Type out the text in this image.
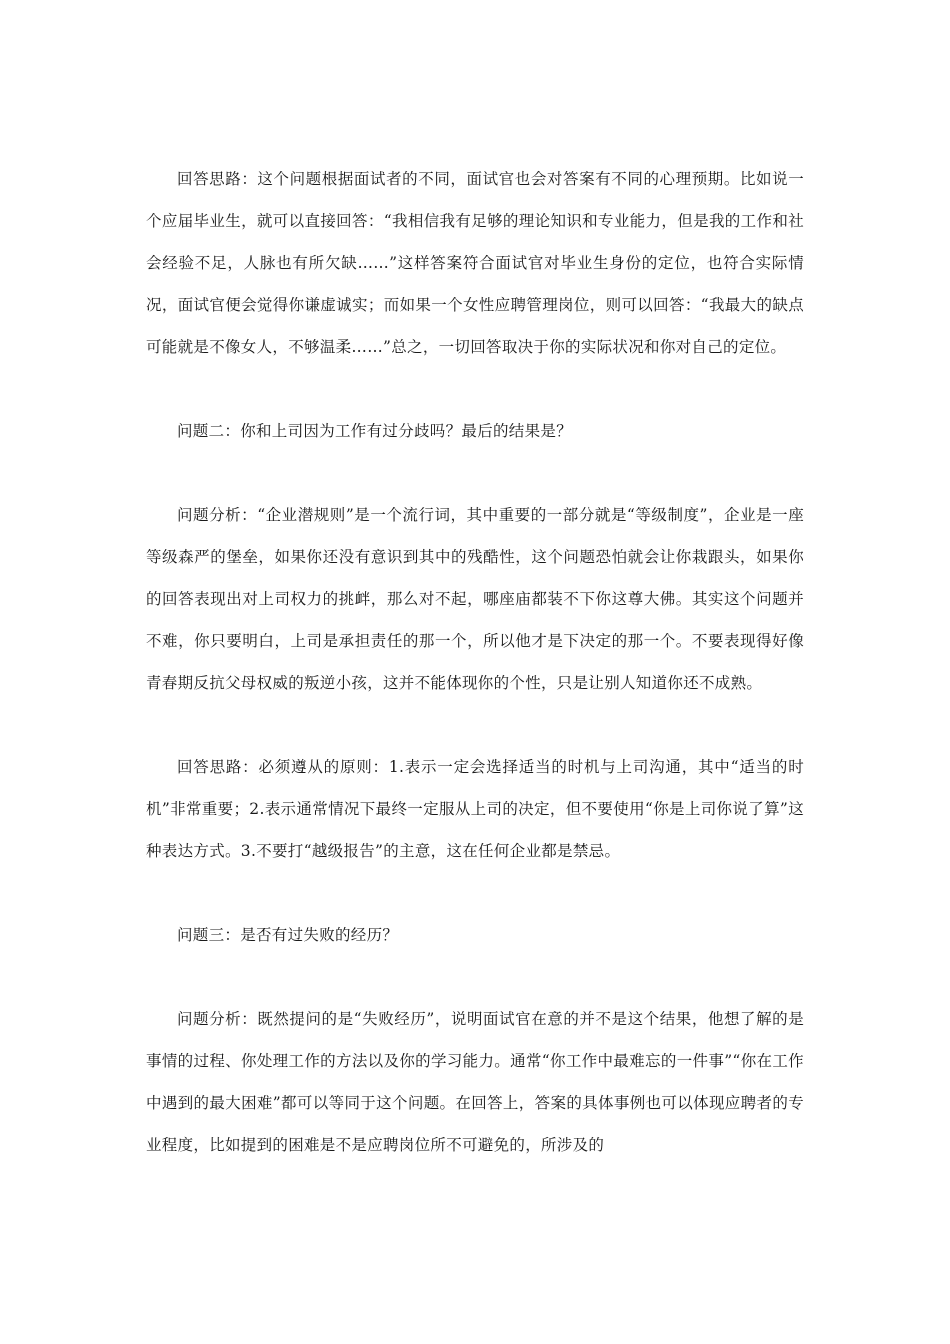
回答思路：这个问题根据面试者的不同，面试官也会对答案有不同的心理预期。比如说一个应届毕业生，就可以直接回答：“我相信我有足够的理论知识和专业能力，但是我的工作和社会经验不足，人脉也有所欠缺……”这样答案符合面试官对毕业生身份的定位，也符合实际情况，面试官便会觉得你谦虚诚实；而如果一个女性应聘管理岗位，则可以回答：“我最大的缺点可能就是不像女人，不够温柔……”总之，一切回答取决于你的实际状况和你对自己的定位。

问题二：你和上司因为工作有过分歧吗？最后的结果是？

问题分析：“企业潜规则”是一个流行词，其中重要的一部分就是“等级制度”，企业是一座等级森严的堡垒，如果你还没有意识到其中的残酷性，这个问题恐怕就会让你栽跟头，如果你的回答表现出对上司权力的挑衅，那么对不起，哪座庙都装不下你这尊大佛。其实这个问题并不难，你只要明白，上司是承担责任的那一个，所以他才是下决定的那一个。不要表现得好像青春期反抗父母权威的叛逆小孩，这并不能体现你的个性，只是让别人知道你还不成熟。

回答思路：必须遵从的原则：1.表示一定会选择适当的时机与上司沟通，其中“适当的时机”非常重要；2.表示通常情况下最终一定服从上司的决定，但不要使用“你是上司你说了算”这种表达方式。3.不要打“越级报告”的主意，这在任何企业都是禁忌。

问题三：是否有过失败的经历？

问题分析：既然提问的是“失败经历”，说明面试官在意的并不是这个结果，他想了解的是事情的过程、你处理工作的方法以及你的学习能力。通常“你工作中最难忘的一件事”“你在工作中遇到的最大困难”都可以等同于这个问题。在回答上，答案的具体事例也可以体现应聘者的专业程度，比如提到的困难是不是应聘岗位所不可避免的，所涉及的
